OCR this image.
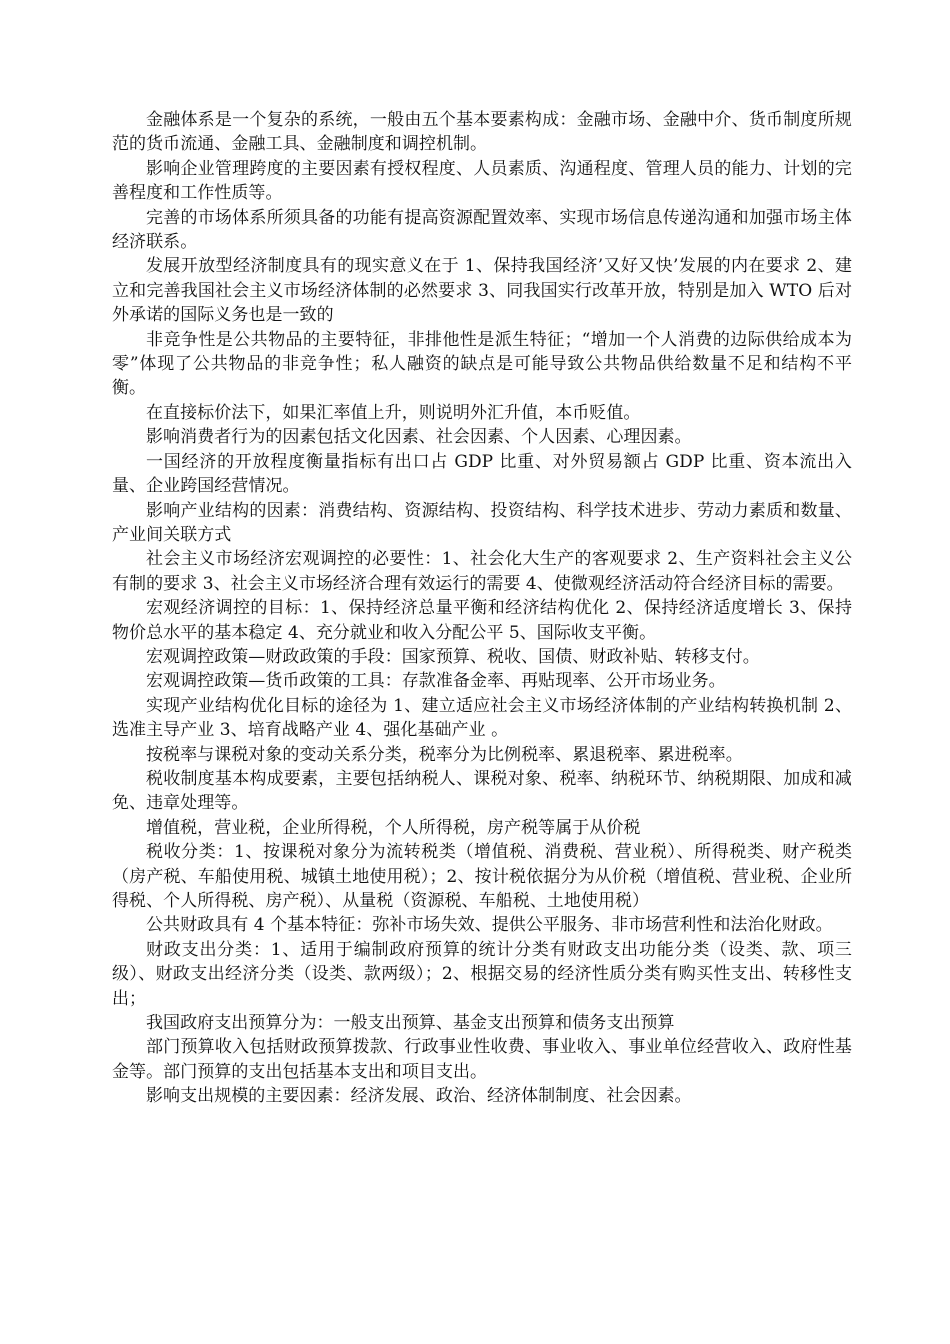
金融体系是一个复杂的系统，一般由五个基本要素构成：金融市场、金融中介、货币制度所规范的货币流通、金融工具、金融制度和调控机制。

影响企业管理跨度的主要因素有授权程度、人员素质、沟通程度、管理人员的能力、计划的完善程度和工作性质等。

完善的市场体系所须具备的功能有提高资源配置效率、实现市场信息传递沟通和加强市场主体经济联系。

发展开放型经济制度具有的现实意义在于 1、保持我国经济’又好又快’发展的内在要求 2、建立和完善我国社会主义市场经济体制的必然要求 3、同我国实行改革开放，特别是加入 WTO 后对外承诺的国际义务也是一致的

非竞争性是公共物品的主要特征，非排他性是派生特征；“增加一个人消费的边际供给成本为零”体现了公共物品的非竞争性；私人融资的缺点是可能导致公共物品供给数量不足和结构不平衡。

在直接标价法下，如果汇率值上升，则说明外汇升值，本币贬值。

影响消费者行为的因素包括文化因素、社会因素、个人因素、心理因素。

一国经济的开放程度衡量指标有出口占 GDP 比重、对外贸易额占 GDP 比重、资本流出入量、企业跨国经营情况。

影响产业结构的因素：消费结构、资源结构、投资结构、科学技术进步、劳动力素质和数量、产业间关联方式

社会主义市场经济宏观调控的必要性：1、社会化大生产的客观要求 2、生产资料社会主义公有制的要求 3、社会主义市场经济合理有效运行的需要 4、使微观经济活动符合经济目标的需要。

宏观经济调控的目标：1、保持经济总量平衡和经济结构优化 2、保持经济适度增长 3、保持物价总水平的基本稳定 4、充分就业和收入分配公平 5、国际收支平衡。

宏观调控政策—财政政策的手段：国家预算、税收、国债、财政补贴、转移支付。

宏观调控政策—货币政策的工具：存款准备金率、再贴现率、公开市场业务。

实现产业结构优化目标的途径为 1、建立适应社会主义市场经济体制的产业结构转换机制 2、选准主导产业 3、培育战略产业 4、强化基础产业 。

按税率与课税对象的变动关系分类，税率分为比例税率、累退税率、累进税率。

税收制度基本构成要素，主要包括纳税人、课税对象、税率、纳税环节、纳税期限、加成和减免、违章处理等。

增值税，营业税，企业所得税，个人所得税，房产税等属于从价税

税收分类：1、按课税对象分为流转税类（增值税、消费税、营业税）、所得税类、财产税类（房产税、车船使用税、城镇土地使用税）；2、按计税依据分为从价税（增值税、营业税、企业所得税、个人所得税、房产税）、从量税（资源税、车船税、土地使用税）

公共财政具有 4 个基本特征：弥补市场失效、提供公平服务、非市场营利性和法治化财政。

财政支出分类：1、适用于编制政府预算的统计分类有财政支出功能分类（设类、款、项三级）、财政支出经济分类（设类、款两级）；2、根据交易的经济性质分类有购买性支出、转移性支出；

我国政府支出预算分为：一般支出预算、基金支出预算和债务支出预算

部门预算收入包括财政预算拨款、行政事业性收费、事业收入、事业单位经营收入、政府性基金等。部门预算的支出包括基本支出和项目支出。

影响支出规模的主要因素：经济发展、政治、经济体制制度、社会因素。
